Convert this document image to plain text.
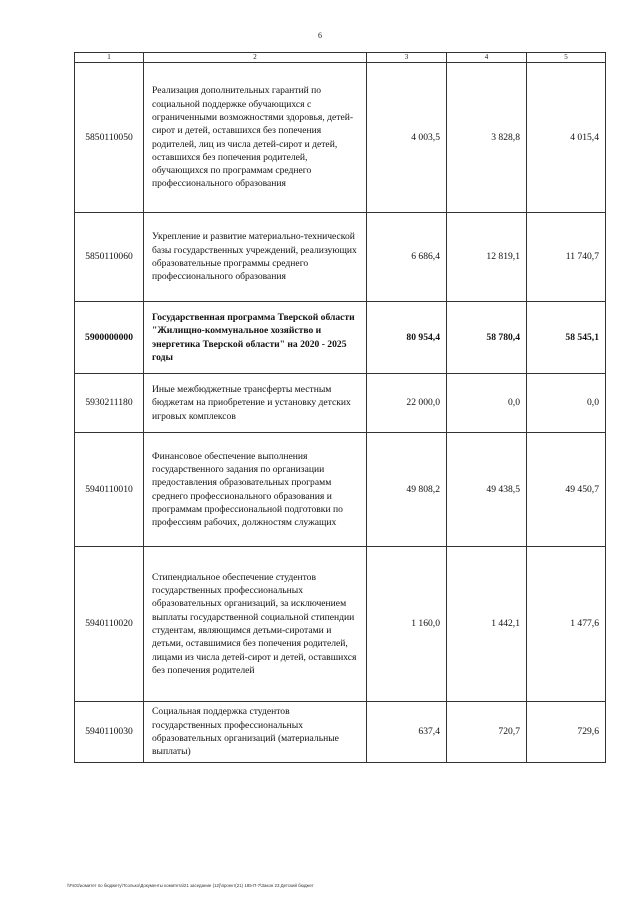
6
1	2	3	4	5
5850110050	Реализация дополнительных гарантий по социальной поддержке обучающихся с ограниченными возможностями здоровья, детей-сирот и детей, оставшихся без попечения родителей, лиц из числа детей-сирот и детей, оставшихся без попечения родителей, обучающихся по программам среднего профессионального образования	4 003,5	3 828,8	4 015,4
5850110060	Укрепление и развитие материально-технической базы государственных учреждений, реализующих образовательные программы среднего профессионального образования	6 686,4	12 819,1	11 740,7
5900000000	Государственная программа Тверской области "Жилищно-коммунальное хозяйство и энергетика Тверской области" на 2020 - 2025 годы	80 954,4	58 780,4	58 545,1
5930211180	Иные межбюджетные трансферты местным бюджетам на приобретение и установку детских игровых комплексов	22 000,0	0,0	0,0
5940110010	Финансовое обеспечение выполнения государственного задания по организации предоставления образовательных программ среднего профессионального образования и программам профессиональной подготовки по профессиям рабочих, должностям служащих	49 808,2	49 438,5	49 450,7
5940110020	Стипендиальное обеспечение студентов государственных профессиональных образовательных организаций, за исключением выплаты государственной социальной стипендии студентам, являющимся детьми-сиротами и детьми, оставшимися без попечения родителей, лицами из числа детей-сирот и детей, оставшихся без попечения родителей	1 160,0	1 442,1	1 477,6
5940110030	Социальная поддержка студентов государственных профессиональных образовательных организаций (материальные выплаты)	637,4	720,7	729,6
\\Fs01\комитет по бюджету\Тсолько\Документы комитета\21 заседание (12)\проект(21) 185-П-7\Закон 23 Детский бюджет
